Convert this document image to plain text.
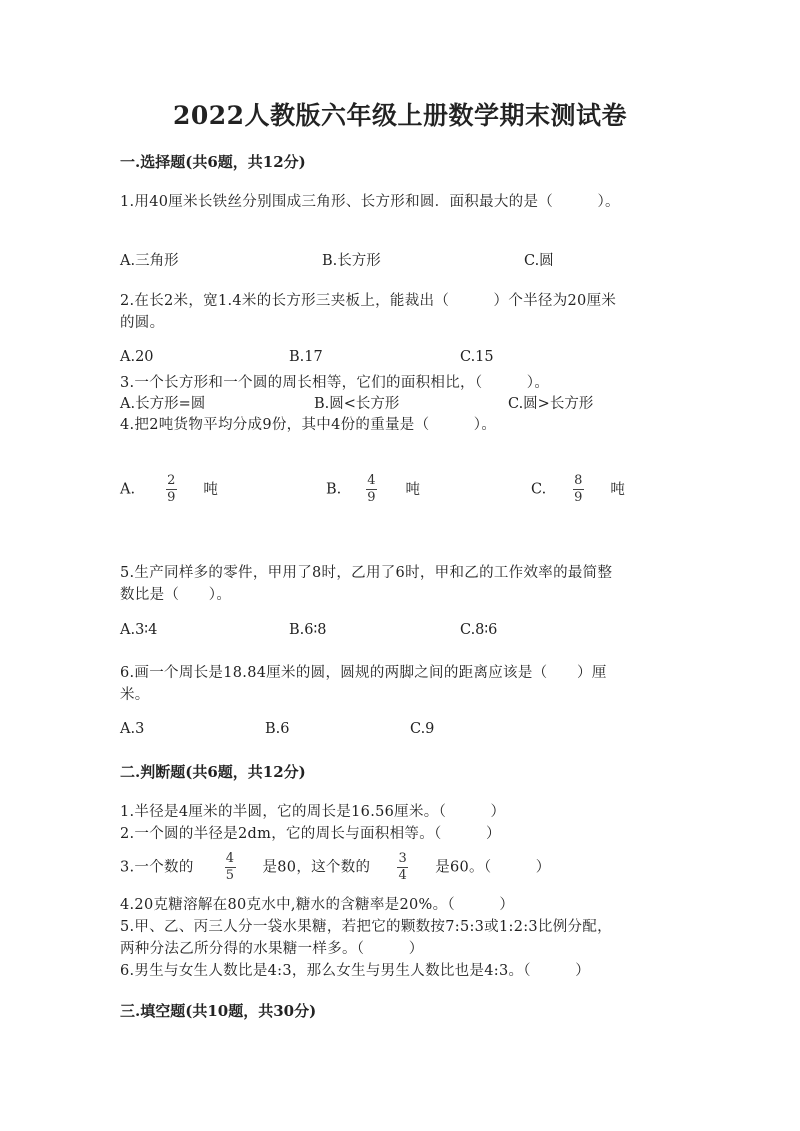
2022人教版六年级上册数学期末测试卷
一.选择题(共6题，共12分)
1.用40厘米长铁丝分别围成三角形、长方形和圆．面积最大的是（　　　）。
A.三角形	B.长方形	C.圆
2.在长2米，宽1.4米的长方形三夹板上，能裁出（　　　）个半径为20厘米
的圆。
A.20	B.17	C.15
3.一个长方形和一个圆的周长相等，它们的面积相比，（　　　）。
A.长方形=圆	B.圆<长方形	C.圆>长方形
4.把2吨货物平均分成9份，其中4份的重量是（　　　）。
A. $\frac{2}{9}$ 吨	B. $\frac{4}{9}$ 吨	C. $\frac{8}{9}$ 吨
5.生产同样多的零件，甲用了8时，乙用了6时，甲和乙的工作效率的最简整
数比是（　　）。
A.3∶4	B.6∶8	C.8∶6
6.画一个周长是18.84厘米的圆，圆规的两脚之间的距离应该是（　　）厘
米。
A.3	B.6	C.9
二.判断题(共6题，共12分)
1.半径是4厘米的半圆，它的周长是16.56厘米。（　　　）
2.一个圆的半径是2dm，它的周长与面积相等。（　　　）
3.一个数的 $\frac{4}{5}$ 是80，这个数的 $\frac{3}{4}$ 是60。（　　　）
4.20克糖溶解在80克水中,糖水的含糖率是20%。（　　　）
5.甲、乙、丙三人分一袋水果糖，若把它的颗数按7:5:3或1:2:3比例分配，
两种分法乙所分得的水果糖一样多。（　　　）
6.男生与女生人数比是4:3，那么女生与男生人数比也是4:3。（　　　）
三.填空题(共10题，共30分)
